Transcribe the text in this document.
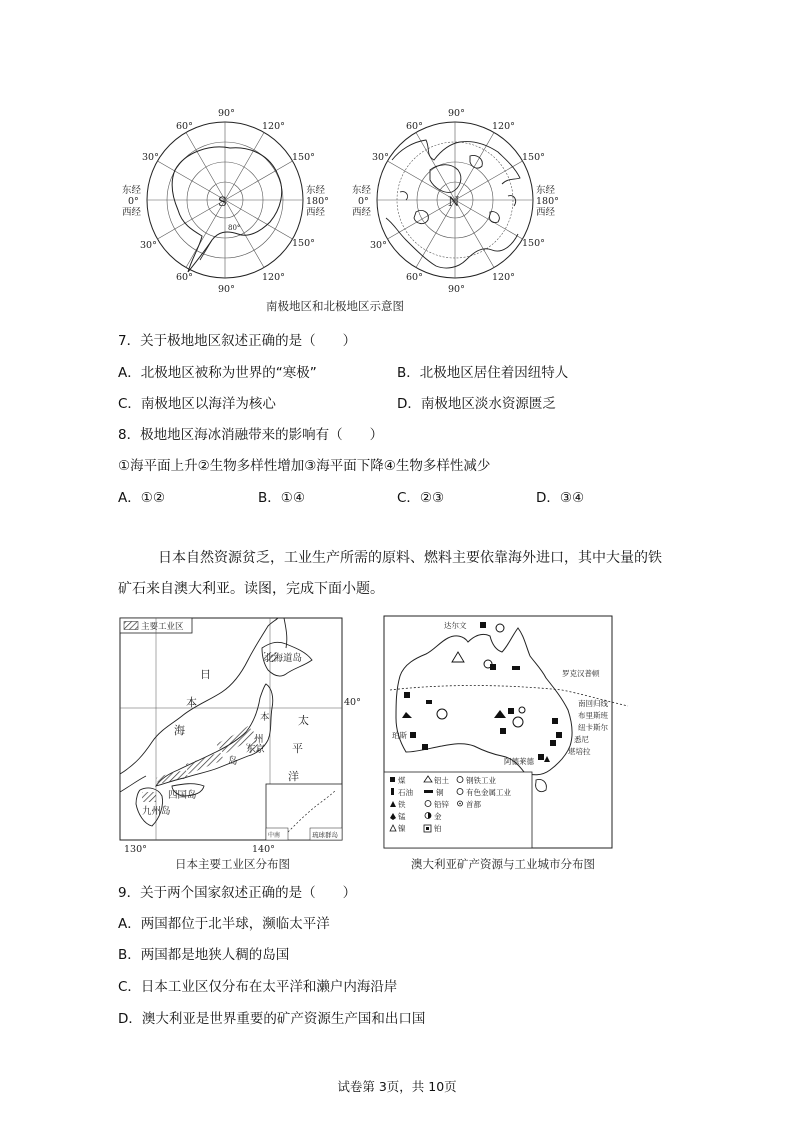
S
80°
90°
90°
60°
30°
30°
60°
120°
150°
150°
120°
东经
0°
西经
东经
180°
西经
N
90°
90°
60°
30°
30°
60°
120°
150°
150°
120°
东经
0°
西经
东经
180°
西经
南极地区和北极地区示意图
7．关于极地地区叙述正确的是（　　）
A．北极地区被称为世界的“寒极”	B．北极地区居住着因纽特人
C．南极地区以海洋为核心	D．南极地区淡水资源匮乏
8．极地地区海冰消融带来的影响有（　　）
①海平面上升②生物多样性增加③海平面下降④生物多样性减少
A．①②	B．①④	C．②③	D．③④
日本自然资源贫乏，工业生产所需的原料、燃料主要依靠海外进口，其中大量的铁
矿石来自澳大利亚。读图，完成下面小题。
主要工业区
中南	琉球群岛
北海道岛
日
本
海
本
州
岛
太
平
洋
东京
四国岛
九州岛
40°
130°	140°
日本主要工业区分布图
达尔文
罗克汉普顿
南回归线
布里斯班
纽卡斯尔
悉尼
堪培拉
珀斯
阿德莱德
煤	铝土 钢铁工业
石油	铜	有色金属工业
铁	铅锌 首都
锰	金
镍	铂
澳大利亚矿产资源与工业城市分布图
9．关于两个国家叙述正确的是（　　）
A．两国都位于北半球，濒临太平洋
B．两国都是地狭人稠的岛国
C．日本工业区仅分布在太平洋和濑户内海沿岸
D．澳大利亚是世界重要的矿产资源生产国和出口国
试卷第 3页，共 10页
